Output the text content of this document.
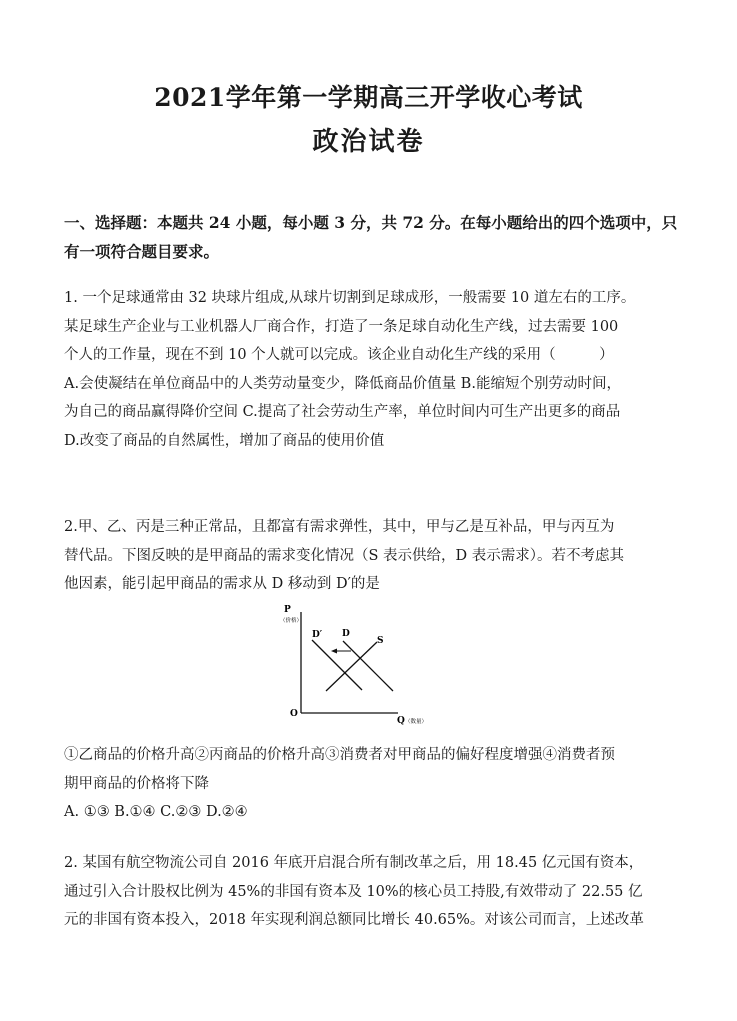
2021学年第一学期高三开学收心考试
政治试卷
一、选择题：本题共 24 小题，每小题 3 分，共 72 分。在每小题给出的四个选项中，只
有一项符合题目要求。
1. 一个足球通常由 32 块球片组成,从球片切割到足球成形，一般需要 10 道左右的工序。
某足球生产企业与工业机器人厂商合作，打造了一条足球自动化生产线，过去需要 100
个人的工作量，现在不到 10 个人就可以完成。该企业自动化生产线的采用（　　　）
A.会使凝结在单位商品中的人类劳动量变少，降低商品价值量 B.能缩短个别劳动时间，
为自己的商品赢得降价空间 C.提高了社会劳动生产率，单位时间内可生产出更多的商品
D.改变了商品的自然属性，增加了商品的使用价值
2.甲、乙、丙是三种正常品，且都富有需求弹性，其中，甲与乙是互补品，甲与丙互为
替代品。下图反映的是甲商品的需求变化情况（S 表示供给，D 表示需求）。若不考虑其
他因素，能引起甲商品的需求从 D 移动到 D′的是
P
（价格）
O
Q （数量）
D′ D
S
①乙商品的价格升高②丙商品的价格升高③消费者对甲商品的偏好程度增强④消费者预
期甲商品的价格将下降
A. ①③ B.①④ C.②③ D.②④
2. 某国有航空物流公司自 2016 年底开启混合所有制改革之后，用 18.45 亿元国有资本，
通过引入合计股权比例为 45%的非国有资本及 10%的核心员工持股,有效带动了 22.55 亿
元的非国有资本投入，2018 年实现利润总额同比增长 40.65%。对该公司而言，上述改革
